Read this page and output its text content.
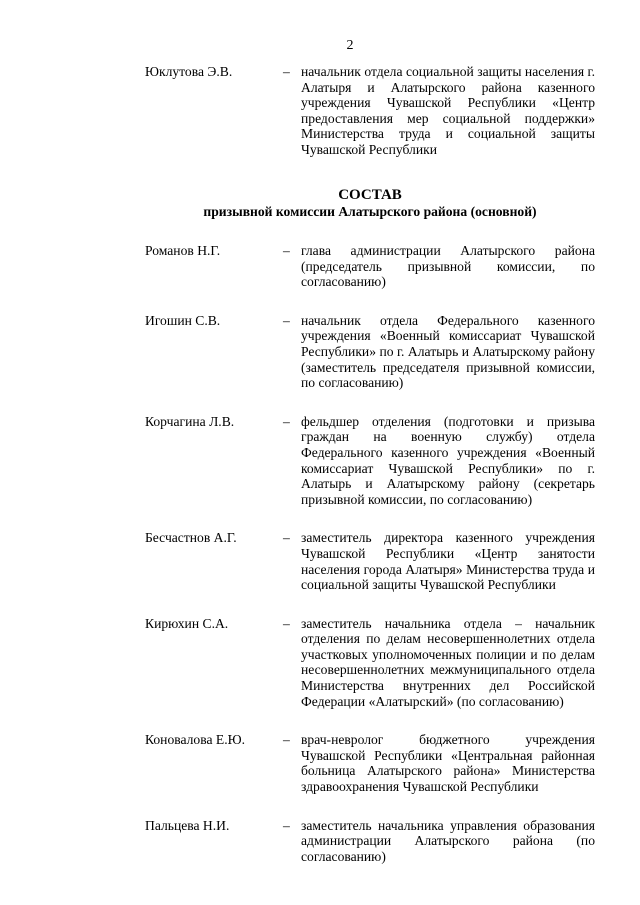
2
Юклутова Э.В.	– начальник отдела социальной защиты населения г. Алатыря и Алатырского района казенного учреждения Чувашской Республики «Центр предоставления мер социальной поддержки» Министерства труда и социальной защиты Чувашской Республики
СОСТАВ
призывной комиссии Алатырского района (основной)
Романов Н.Г.	– глава администрации Алатырского района (председатель призывной комиссии, по согласованию)
Игошин С.В.	– начальник отдела Федерального казенного учреждения «Военный комиссариат Чувашской Республики» по г. Алатырь и Алатырскому району (заместитель председателя призывной комиссии, по согласованию)
Корчагина Л.В.	– фельдшер отделения (подготовки и призыва граждан на военную службу) отдела Федерального казенного учреждения «Военный комиссариат Чувашской Республики» по г. Алатырь и Алатырскому району (секретарь призывной комиссии, по согласованию)
Бесчастнов А.Г.	– заместитель директора казенного учреждения Чувашской Республики «Центр занятости населения города Алатыря» Министерства труда и социальной защиты Чувашской Республики
Кирюхин С.А.	– заместитель начальника отдела – начальник отделения по делам несовершеннолетних отдела участковых уполномоченных полиции и по делам несовершеннолетних межмуниципального отдела Министерства внутренних дел Российской Федерации «Алатырский» (по согласованию)
Коновалова Е.Ю.	– врач-невролог бюджетного учреждения Чувашской Республики «Центральная районная больница Алатырского района» Министерства здравоохранения Чувашской Республики
Пальцева Н.И.	– заместитель начальника управления образования администрации Алатырского района (по согласованию)
